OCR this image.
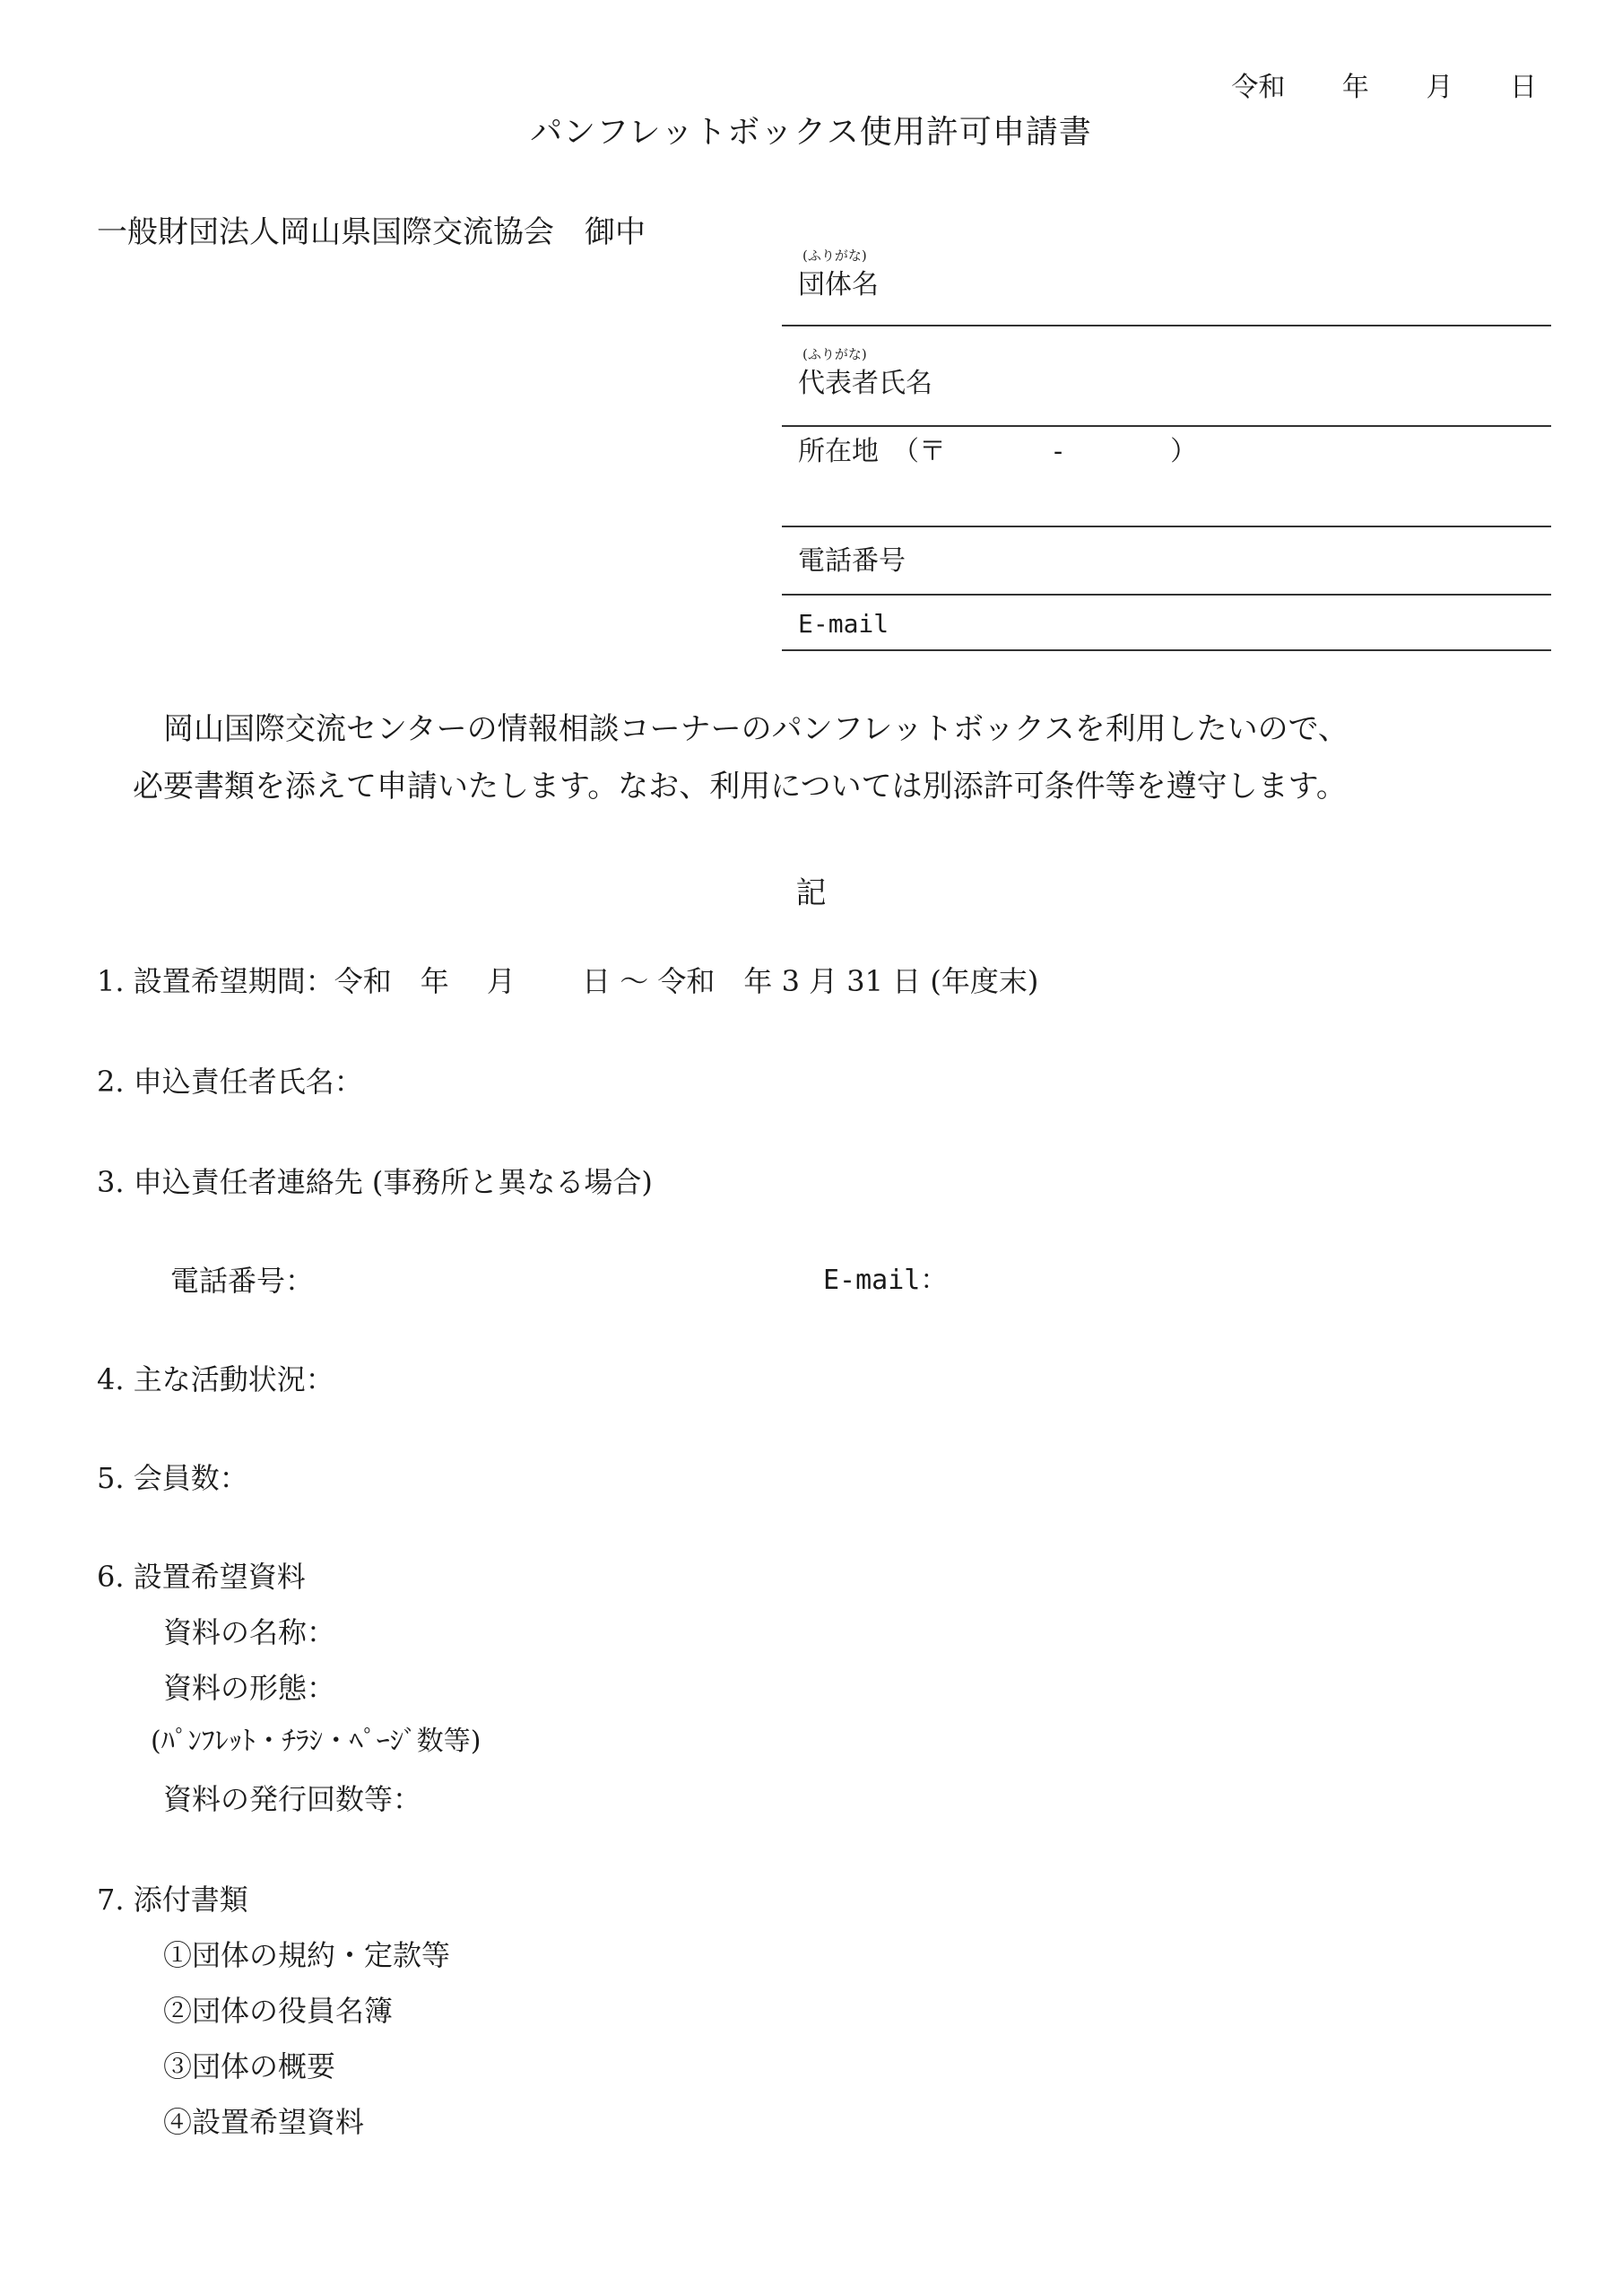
令和 年 月 日
パンフレットボックス使用許可申請書
一般財団法人岡山県国際交流協会　御中
(ふりがな)
団体名
(ふりがな)
代表者氏名
所在地　（〒　　　　-　　　　）
電話番号
E-mail
岡山国際交流センターの情報相談コーナーのパンフレットボックスを利用したいので、
必要書類を添えて申請いたします。なお、利用については別添許可条件等を遵守します。
記
1. 設置希望期間：令和　年　 月　　 日 〜 令和　年 3 月 31 日 (年度末)
2. 申込責任者氏名：
3. 申込責任者連絡先 (事務所と異なる場合)
電話番号：	E-mail：
4. 主な活動状況：
5. 会員数：
6. 設置希望資料
資料の名称：
資料の形態：
(ﾊﾟﾝﾌﾚｯﾄ・ﾁﾗｼ・ﾍﾟｰｼﾞ数等)
資料の発行回数等：
7. 添付書類
①団体の規約・定款等
②団体の役員名簿
③団体の概要
④設置希望資料
